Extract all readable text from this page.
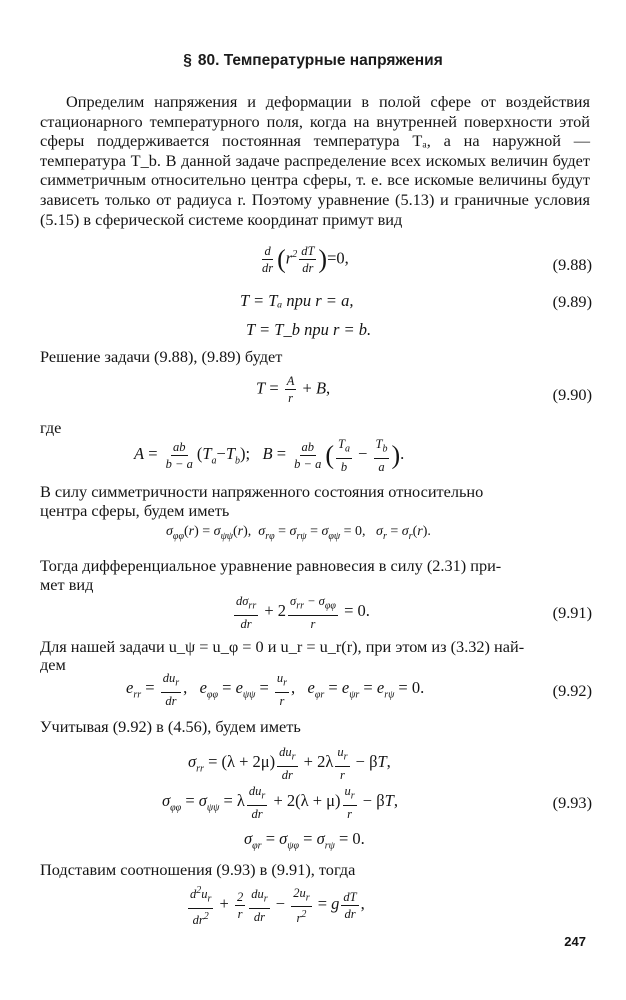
§ 80. Температурные напряжения
Определим напряжения и деформации в полой сфере от воздействия стационарного температурного поля, когда на внутренней поверхности этой сферы поддерживается постоянная температура Tₐ, а на наружной — температура T_b. В данной задаче распределение всех искомых величин будет симметричным относительно центра сферы, т. е. все искомые величины будут зависеть только от радиуса r. Поэтому уравнение (5.13) и граничные условия (5.15) в сферической системе координат примут вид
$\frac{d}{dr} (r^2 \frac{dT}{dr} )=0$,	(9.88)
T = Tₐ при r = a,	(9.89)
T = T_b при r = b.
Решение задачи (9.88), (9.89) будет
$T = \frac{A}{r} + B$,	(9.90)
где
$A = \frac{ab}{b - a} (T_a-T_b)$; $B = \frac{ab}{b - a}$ ( $\frac{T_a}{b} - \frac{T_b}{a}$ ).
В силу симметричности напряженного состояния относительно
центра сферы, будем иметь
$\sigma_{\varphi\varphi}(r) = \sigma_{\psi\psi}(r)$,  $\sigma_{r\varphi} = \sigma_{r\psi} = \sigma_{\varphi\psi} = 0$,   $\sigma_r = \sigma_r(r)$.
Тогда дифференциальное уравнение равновесия в силу (2.31) при-
мет вид
$\frac{d\sigma_{rr}}{dr} + 2 \frac{\sigma_{rr} - \sigma_{\varphi\varphi}}{r} = 0$.	(9.91)
Для нашей задачи u_ψ = u_φ = 0 и u_r = u_r(r), при этом из (3.32) най-
дем
$e_{rr} = \frac{du_r}{dr}$ ,   $e_{\varphi\varphi} = e_{\psi\psi} = \frac{u_r}{r}$ ,   $e_{\varphi r} = e_{\psi r} = e_{r\psi} = 0$.	(9.92)
Учитывая (9.92) в (4.56), будем иметь
$\sigma_{rr} = (\lambda + 2\mu) \frac{du_r}{dr} + 2\lambda \frac{u_r}{r} - \beta T$,
$\sigma_{\varphi\varphi} = \sigma_{\psi\psi} = \lambda \frac{du_r}{dr} + 2(\lambda + \mu) \frac{u_r}{r} - \beta T$,	(9.93)
$\sigma_{\varphi r} = \sigma_{\psi\varphi} = \sigma_{r\psi} = 0$.
Подставим соотношения (9.93) в (9.91), тогда
$\frac{d^2u_r}{dr^2} + \frac{2}{r} \frac{du_r}{dr} - \frac{2u_r}{r^2} = g \frac{dT}{dr}$ ,
247
